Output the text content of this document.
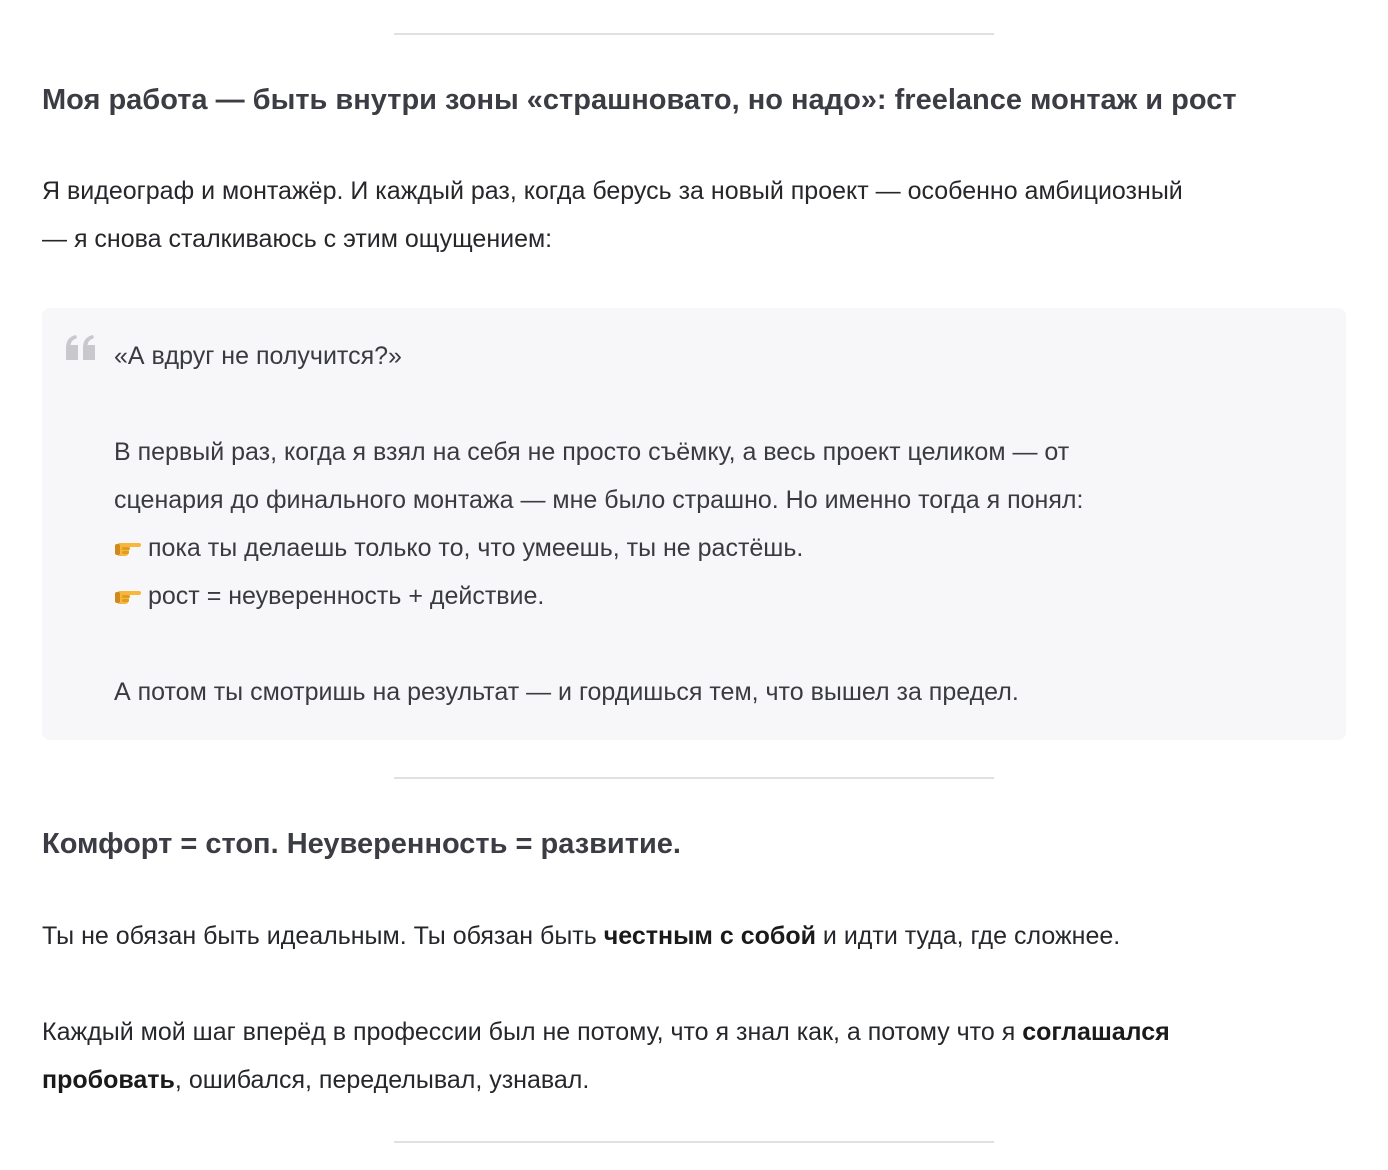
Моя работа — быть внутри зоны «страшновато, но надо»: freelance монтаж и рост

Я видеограф и монтажёр. И каждый раз, когда берусь за новый проект — особенно амбициозный
— я снова сталкиваюсь с этим ощущением:

«А вдруг не получится?»
В первый раз, когда я взял на себя не просто съёмку, а весь проект целиком — от
сценария до финального монтажа — мне было страшно. Но именно тогда я понял:
пока ты делаешь только то, что умеешь, ты не растёшь.
рост = неуверенность + действие.
А потом ты смотришь на результат — и гордишься тем, что вышел за предел.
Комфорт = стоп. Неуверенность = развитие.

Ты не обязан быть идеальным. Ты обязан быть честным с собой и идти туда, где сложнее.

Каждый мой шаг вперёд в профессии был не потому, что я знал как, а потому что я соглашался
пробовать, ошибался, переделывал, узнавал.
